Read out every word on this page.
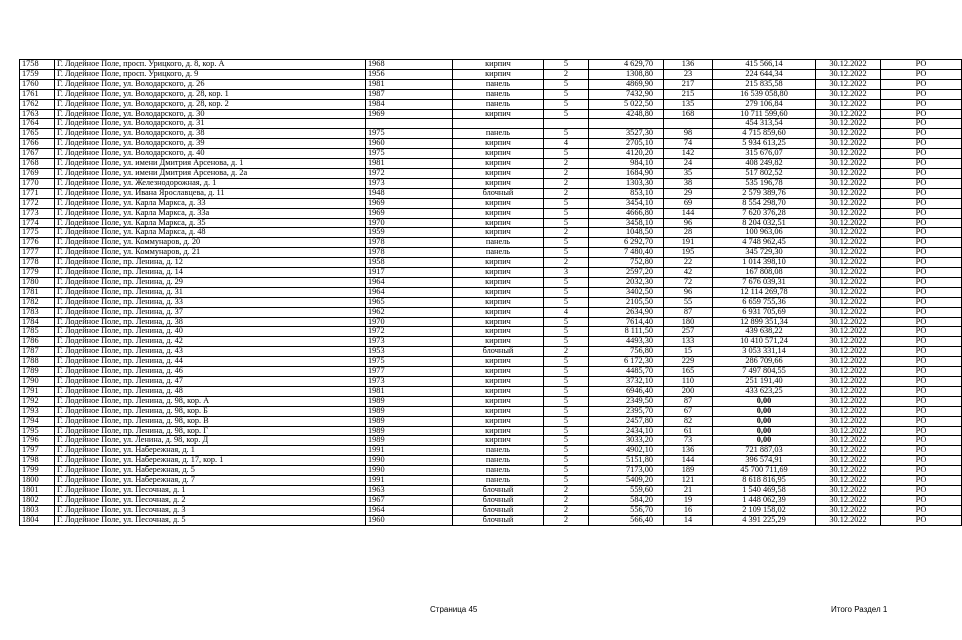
1758	Г. Лодейное Поле, просп. Урицкого, д. 8, кор. А	1968	кирпич	5	4 629,70	136	415 566,14	30.12.2022	РО
1759	Г. Лодейное Поле, просп. Урицкого, д. 9	1956	кирпич	2	1308,80	23	224 644,34	30.12.2022	РО
1760	Г. Лодейное Поле, ул. Володарского, д. 26	1981	панель	5	4869,90	217	215 835,58	30.12.2022	РО
1761	Г. Лодейное Поле, ул. Володарского, д. 28, кор. 1	1987	панель	5	7432,90	215	16 539 058,80	30.12.2022	РО
1762	Г. Лодейное Поле, ул. Володарского, д. 28, кор. 2	1984	панель	5	5 022,50	135	279 106,84	30.12.2022	РО
1763	Г. Лодейное Поле, ул. Володарского, д. 30	1969	кирпич	5	4248,80	168	10 711 599,60	30.12.2022	РО
1764	Г. Лодейное Поле, ул. Володарского, д. 31						454 313,54	30.12.2022	РО
1765	Г. Лодейное Поле, ул. Володарского, д. 38	1975	панель	5	3527,30	98	4 715 859,60	30.12.2022	РО
1766	Г. Лодейное Поле, ул. Володарского, д. 39	1960	кирпич	4	2705,10	74	5 934 613,25	30.12.2022	РО
1767	Г. Лодейное Поле, ул. Володарского, д. 40	1975	кирпич	5	4120,20	142	315 676,07	30.12.2022	РО
1768	Г. Лодейное Поле, ул. имени Дмитрия Арсенова, д. 1	1981	кирпич	2	984,10	24	408 249,82	30.12.2022	РО
1769	Г. Лодейное Поле, ул. имени Дмитрия Арсенова, д. 2а	1972	кирпич	2	1684,90	35	517 802,52	30.12.2022	РО
1770	Г. Лодейное Поле, ул. Железнодорожная, д. 1	1973	кирпич	2	1303,30	38	535 196,78	30.12.2022	РО
1771	Г. Лодейное Поле, ул. Ивана Ярославцева, д. 11	1948	блочный	2	853,10	29	2 579 389,76	30.12.2022	РО
1772	Г. Лодейное Поле, ул. Карла Маркса, д. 33	1969	кирпич	5	3454,10	69	8 554 298,70	30.12.2022	РО
1773	Г. Лодейное Поле, ул. Карла Маркса, д. 33а	1969	кирпич	5	4666,80	144	7 620 376,28	30.12.2022	РО
1774	Г. Лодейное Поле, ул. Карла Маркса, д. 35	1970	кирпич	5	3458,10	96	8 204 032,51	30.12.2022	РО
1775	Г. Лодейное Поле, ул. Карла Маркса, д. 48	1959	кирпич	2	1048,50	28	100 963,06	30.12.2022	РО
1776	Г. Лодейное Поле, ул. Коммунаров, д. 20	1978	панель	5	6 292,70	191	4 748 962,45	30.12.2022	РО
1777	Г. Лодейное Поле, ул. Коммунаров, д. 21	1978	панель	5	7 480,40	195	345 729,30	30.12.2022	РО
1778	Г. Лодейное Поле, пр. Ленина, д. 12	1958	кирпич	2	752,80	22	1 014 398,10	30.12.2022	РО
1779	Г. Лодейное Поле, пр. Ленина, д. 14	1917	кирпич	3	2597,20	42	167 808,08	30.12.2022	РО
1780	Г. Лодейное Поле, пр. Ленина, д. 29	1964	кирпич	5	2032,30	72	7 676 039,31	30.12.2022	РО
1781	Г. Лодейное Поле, пр. Ленина, д. 31	1964	кирпич	5	3402,50	96	12 114 269,78	30.12.2022	РО
1782	Г. Лодейное Поле, пр. Ленина, д. 33	1965	кирпич	5	2105,50	55	6 659 755,36	30.12.2022	РО
1783	Г. Лодейное Поле, пр. Ленина, д. 37	1962	кирпич	4	2634,90	87	6 931 705,69	30.12.2022	РО
1784	Г. Лодейное Поле, пр. Ленина, д. 38	1970	кирпич	5	7614,40	180	12 899 351,34	30.12.2022	РО
1785	Г. Лодейное Поле, пр. Ленина, д. 40	1972	кирпич	5	8 111,50	257	439 638,22	30.12.2022	РО
1786	Г. Лодейное Поле, пр. Ленина, д. 42	1973	кирпич	5	4493,30	133	10 410 571,24	30.12.2022	РО
1787	Г. Лодейное Поле, пр. Ленина, д. 43	1953	блочный	2	756,80	15	3 053 331,14	30.12.2022	РО
1788	Г. Лодейное Поле, пр. Ленина, д. 44	1975	кирпич	5	6 172,30	229	286 709,66	30.12.2022	РО
1789	Г. Лодейное Поле, пр. Ленина, д. 46	1977	кирпич	5	4485,70	165	7 497 804,55	30.12.2022	РО
1790	Г. Лодейное Поле, пр. Ленина, д. 47	1973	кирпич	5	3732,10	110	251 191,40	30.12.2022	РО
1791	Г. Лодейное Поле, пр. Ленина, д. 48	1981	кирпич	5	6946,40	200	433 623,25	30.12.2022	РО
1792	Г. Лодейное Поле, пр. Ленина, д. 98, кор. А	1989	кирпич	5	2349,50	87	0,00	30.12.2022	РО
1793	Г. Лодейное Поле, пр. Ленина, д. 98, кор. Б	1989	кирпич	5	2395,70	67	0,00	30.12.2022	РО
1794	Г. Лодейное Поле, пр. Ленина, д. 98, кор. В	1989	кирпич	5	2457,80	82	0,00	30.12.2022	РО
1795	Г. Лодейное Поле, пр. Ленина, д. 98, кор. Г	1989	кирпич	5	2434,10	61	0,00	30.12.2022	РО
1796	Г. Лодейное Поле, ул. Ленина, д. 98, кор. Д	1989	кирпич	5	3033,20	73	0,00	30.12.2022	РО
1797	Г. Лодейное Поле, ул. Набережная, д. 1	1991	панель	5	4902,10	136	721 887,03	30.12.2022	РО
1798	Г. Лодейное Поле, ул. Набережная, д. 17, кор. 1	1990	панель	5	5151,80	144	396 574,91	30.12.2022	РО
1799	Г. Лодейное Поле, ул. Набережная, д. 5	1990	панель	5	7173,00	189	45 700 711,69	30.12.2022	РО
1800	Г. Лодейное Поле, ул. Набережная, д. 7	1991	панель	5	5409,20	121	8 618 816,95	30.12.2022	РО
1801	Г. Лодейное Поле, ул. Песочная, д. 1	1963	блочный	2	559,60	21	1 540 469,58	30.12.2022	РО
1802	Г. Лодейное Поле, ул. Песочная, д. 2	1967	блочный	2	584,20	19	1 448 062,39	30.12.2022	РО
1803	Г. Лодейное Поле, ул. Песочная, д. 3	1964	блочный	2	556,70	16	2 109 158,02	30.12.2022	РО
1804	Г. Лодейное Поле, ул. Песочная, д. 5	1960	блочный	2	566,40	14	4 391 225,29	30.12.2022	РО
Страница 45	Итого Раздел 1
